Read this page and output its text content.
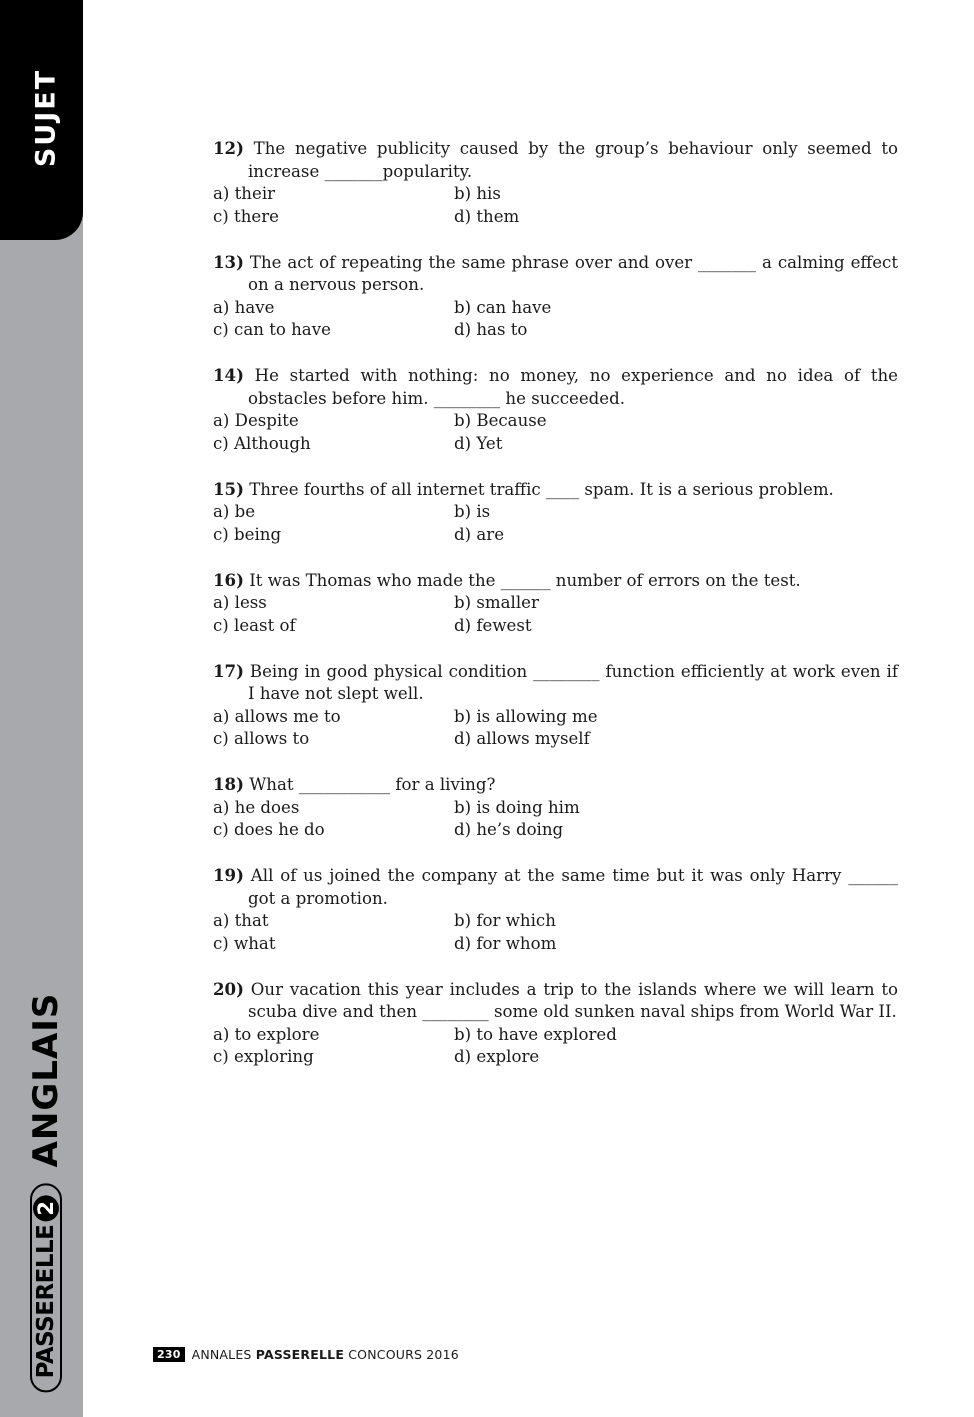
SUJET
ANGLAIS
PASSERELLE
2
12) The negative publicity caused by the group’s behaviour only seemed to increase _______popularity.
a) their	b) his
c) there	d) them
13) The act of repeating the same phrase over and over _______ a calming effect on a nervous person.
a) have	b) can have
c) can to have	d) has to
14) He started with nothing: no money, no experience and no idea of the obstacles before him. ________ he succeeded.
a) Despite	b) Because
c) Although	d) Yet
15) Three fourths of all internet traffic ____ spam. It is a serious problem.
a) be	b) is
c) being	d) are
16) It was Thomas who made the ______ number of errors on the test.
a) less	b) smaller
c) least of	d) fewest
17) Being in good physical condition ________ function efficiently at work even if I have not slept well.
a) allows me to	b) is allowing me
c) allows to	d) allows myself
18) What ___________ for a living?
a) he does	b) is doing him
c) does he do	d) he’s doing
19) All of us joined the company at the same time but it was only Harry ______ got a promotion.
a) that	b) for which
c) what	d) for whom
20) Our vacation this year includes a trip to the islands where we will learn to scuba dive and then ________ some old sunken naval ships from World War II.
a) to explore	b) to have explored
c) exploring	d) explore
230 ANNALES
PASSERELLE
CONCOURS 2016
